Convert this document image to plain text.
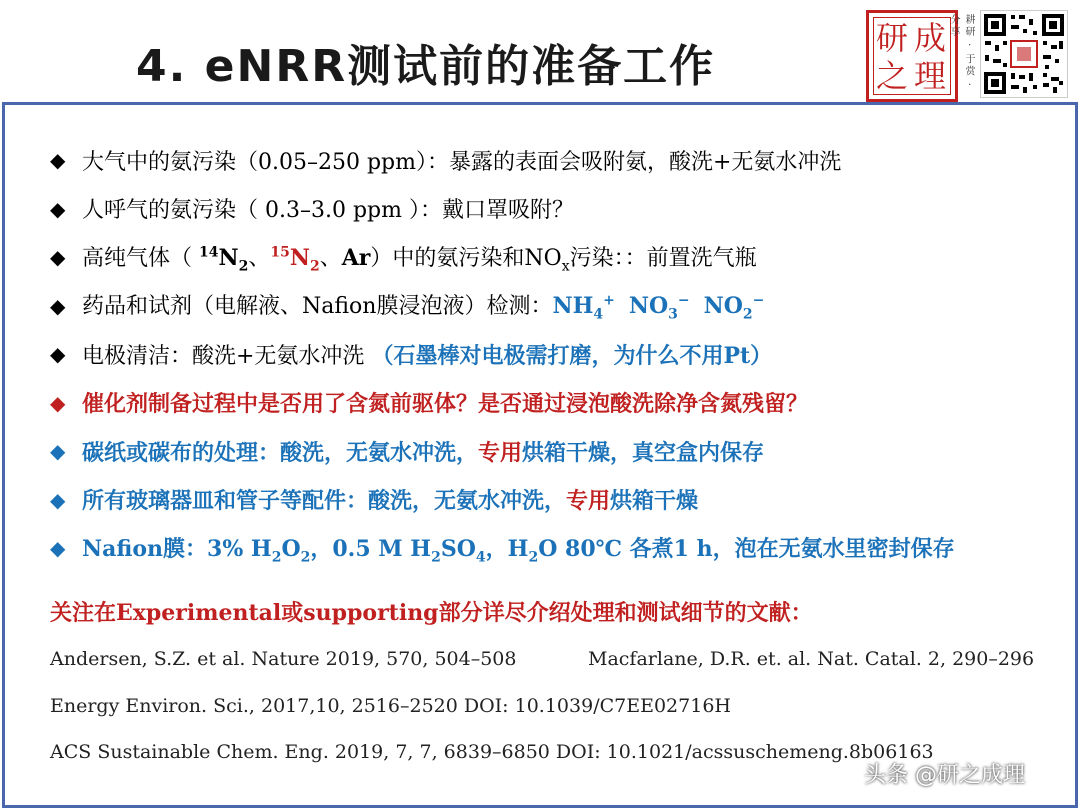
4. eNRR测试前的准备工作
研 成
之 理 耕研 · 于赏 · 分享
◆ 大气中的氨污染（0.05–250 ppm）：暴露的表面会吸附氨，酸洗+无氨水冲洗
◆ 人呼气的氨污染（ 0.3–3.0 ppm ）：戴口罩吸附？
◆ 高纯气体（ $^{14}N_2$、$^{15}N_2$、Ar）中的氨污染和$NO_x$污染：：前置洗气瓶
◆ 药品和试剂（电解液、Nafion膜浸泡液）检测：$NH_4^+$ $NO_3^-$ $NO_2^-$
◆ 电极清洁：酸洗+无氨水冲洗 （石墨棒对电极需打磨，为什么不用Pt）
◆ 催化剂制备过程中是否用了含氮前驱体？是否通过浸泡酸洗除净含氮残留？
◆ 碳纸或碳布的处理：酸洗，无氨水冲洗，专用烘箱干燥，真空盒内保存
◆ 所有玻璃器皿和管子等配件：酸洗，无氨水冲洗，专用烘箱干燥
◆ Nafion膜：3% $H_2O_2$，0.5 M $H_2SO_4$，$H_2O$ 80℃ 各煮1 h，泡在无氨水里密封保存
关注在Experimental或supporting部分详尽介绍处理和测试细节的文献：
Andersen, S.Z. et al. Nature 2019, 570, 504–508	Macfarlane, D.R. et. al. Nat. Catal. 2, 290–296
Energy Environ. Sci., 2017,10, 2516–2520 DOI: 10.1039/C7EE02716H
ACS Sustainable Chem. Eng. 2019, 7, 7, 6839–6850 DOI: 10.1021/acssuschemeng.8b06163
头条 @研之成理
